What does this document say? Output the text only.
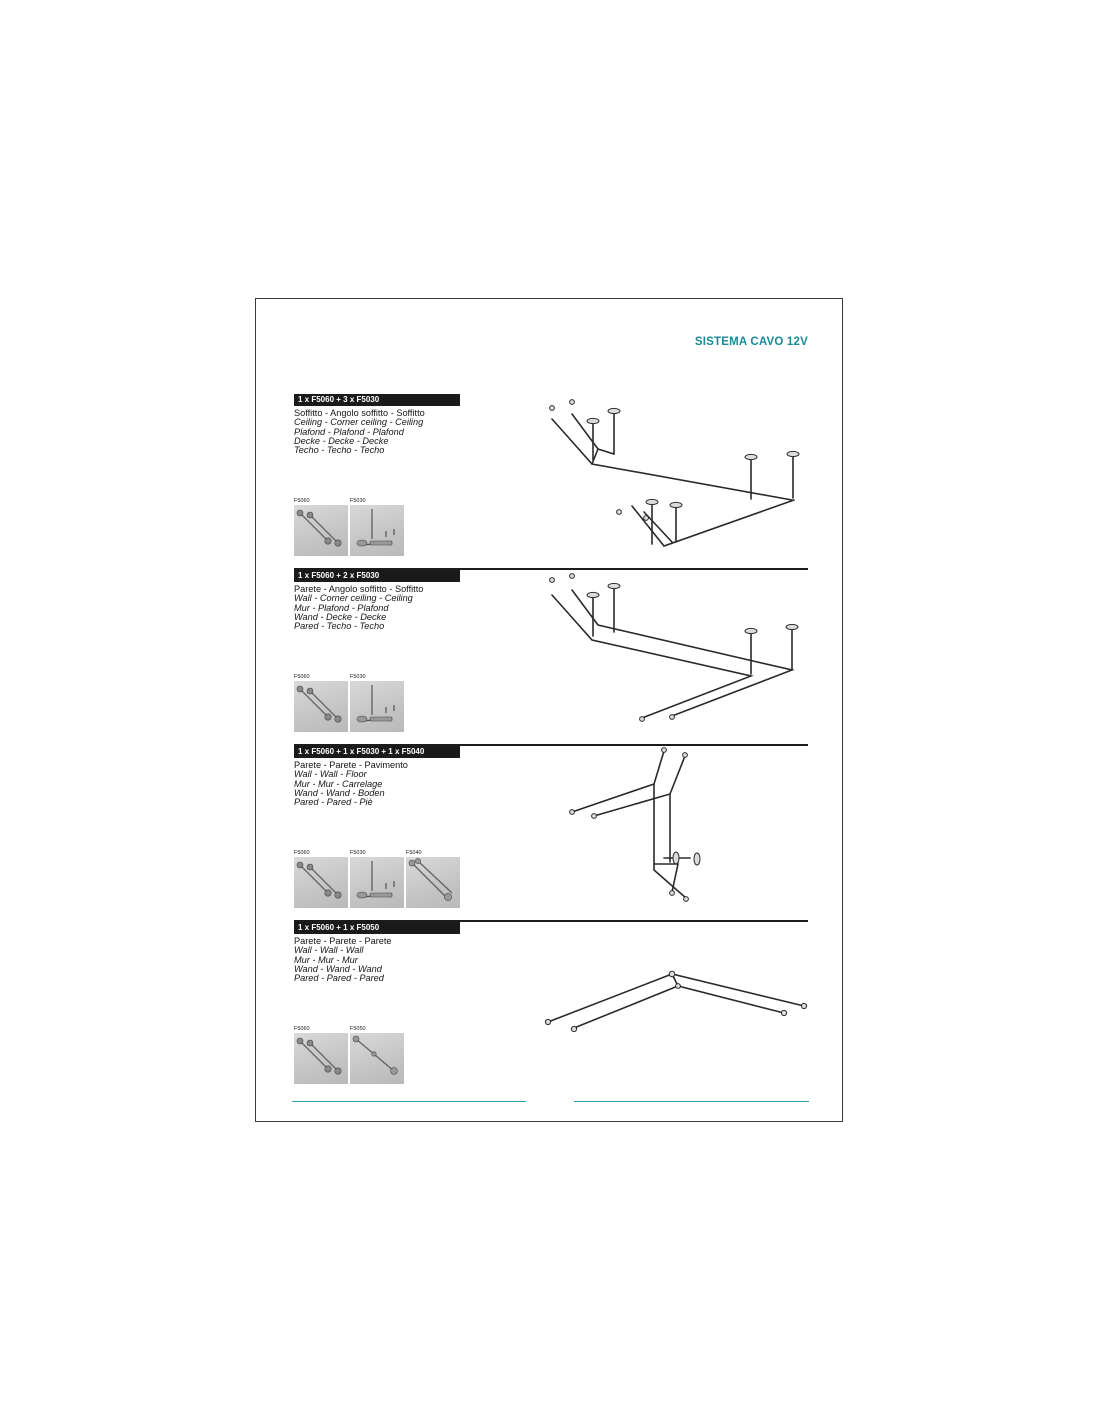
SISTEMA CAVO 12V
1 x F5060 + 3 x F5030
Soffitto - Angolo soffitto - Soffitto
Ceiling - Corner ceiling - Ceiling
Plafond - Plafond - Plafond
Decke - Decke - Decke
Techo - Techo - Techo
F5060	F5030
1 x F5060 + 2 x F5030
Parete - Angolo soffitto - Soffitto
Wall - Corner ceiling - Ceiling
Mur - Plafond - Plafond
Wand - Decke - Decke
Pared - Techo - Techo
F5060	F5030
1 x F5060 + 1 x F5030 + 1 x F5040
Parete - Parete - Pavimento
Wall - Wall - Floor
Mur - Mur - Carrelage
Wand - Wand - Boden
Pared - Pared - Piè
F5060	F5030	F5040
1 x F5060 + 1 x F5050
Parete - Parete - Parete
Wall - Wall - Wall
Mur - Mur - Mur
Wand - Wand - Wand
Pared - Pared - Pared
F5060	F5050
